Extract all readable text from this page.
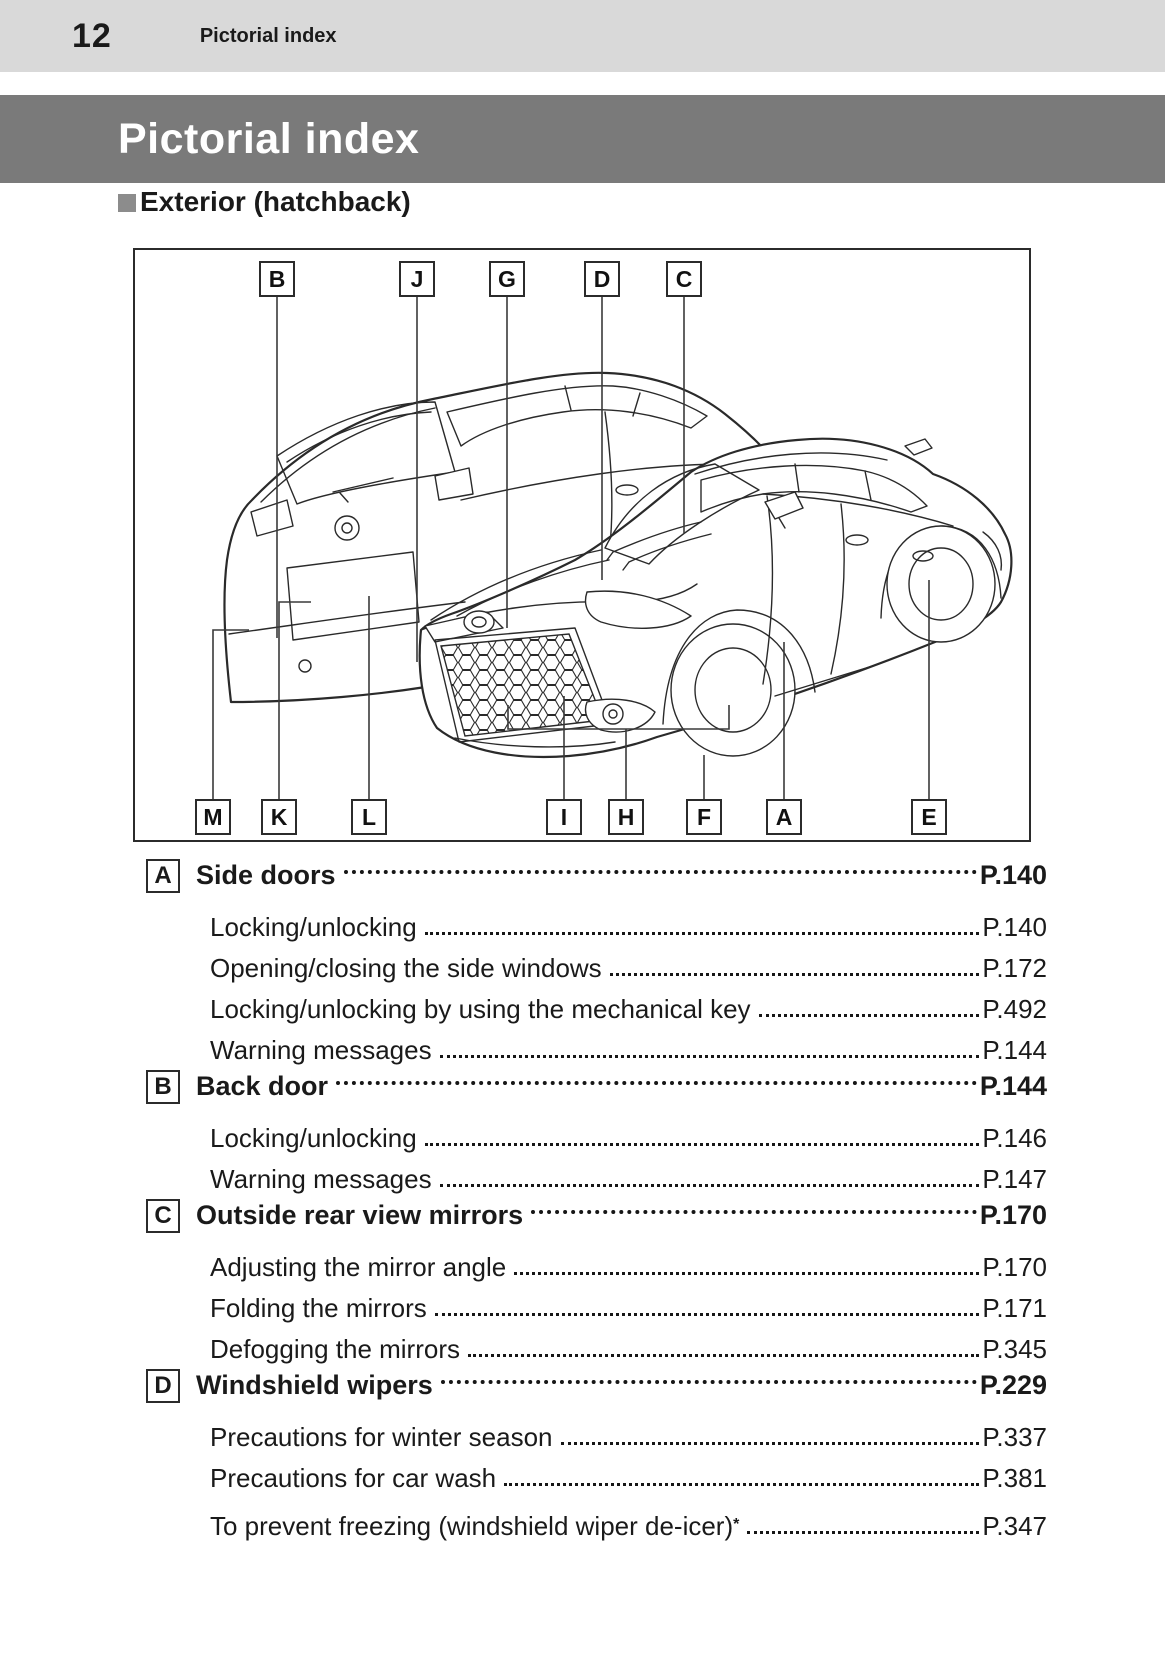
12	Pictorial index
Pictorial index
Exterior (hatchback)
B	J	G	D	C
M K	L	I H	F	A	E
A Side doors	P.140
Locking/unlocking	P.140
Opening/closing the side windows	P.172
Locking/unlocking by using the mechanical key	P.492
Warning messages	P.144
B Back door	P.144
Locking/unlocking	P.146
Warning messages	P.147
C Outside rear view mirrors	P.170
Adjusting the mirror angle	P.170
Folding the mirrors	P.171
Defogging the mirrors	P.345
D Windshield wipers	P.229
Precautions for winter season	P.337
Precautions for car wash	P.381
To prevent freezing (windshield wiper de-icer)*	P.347
